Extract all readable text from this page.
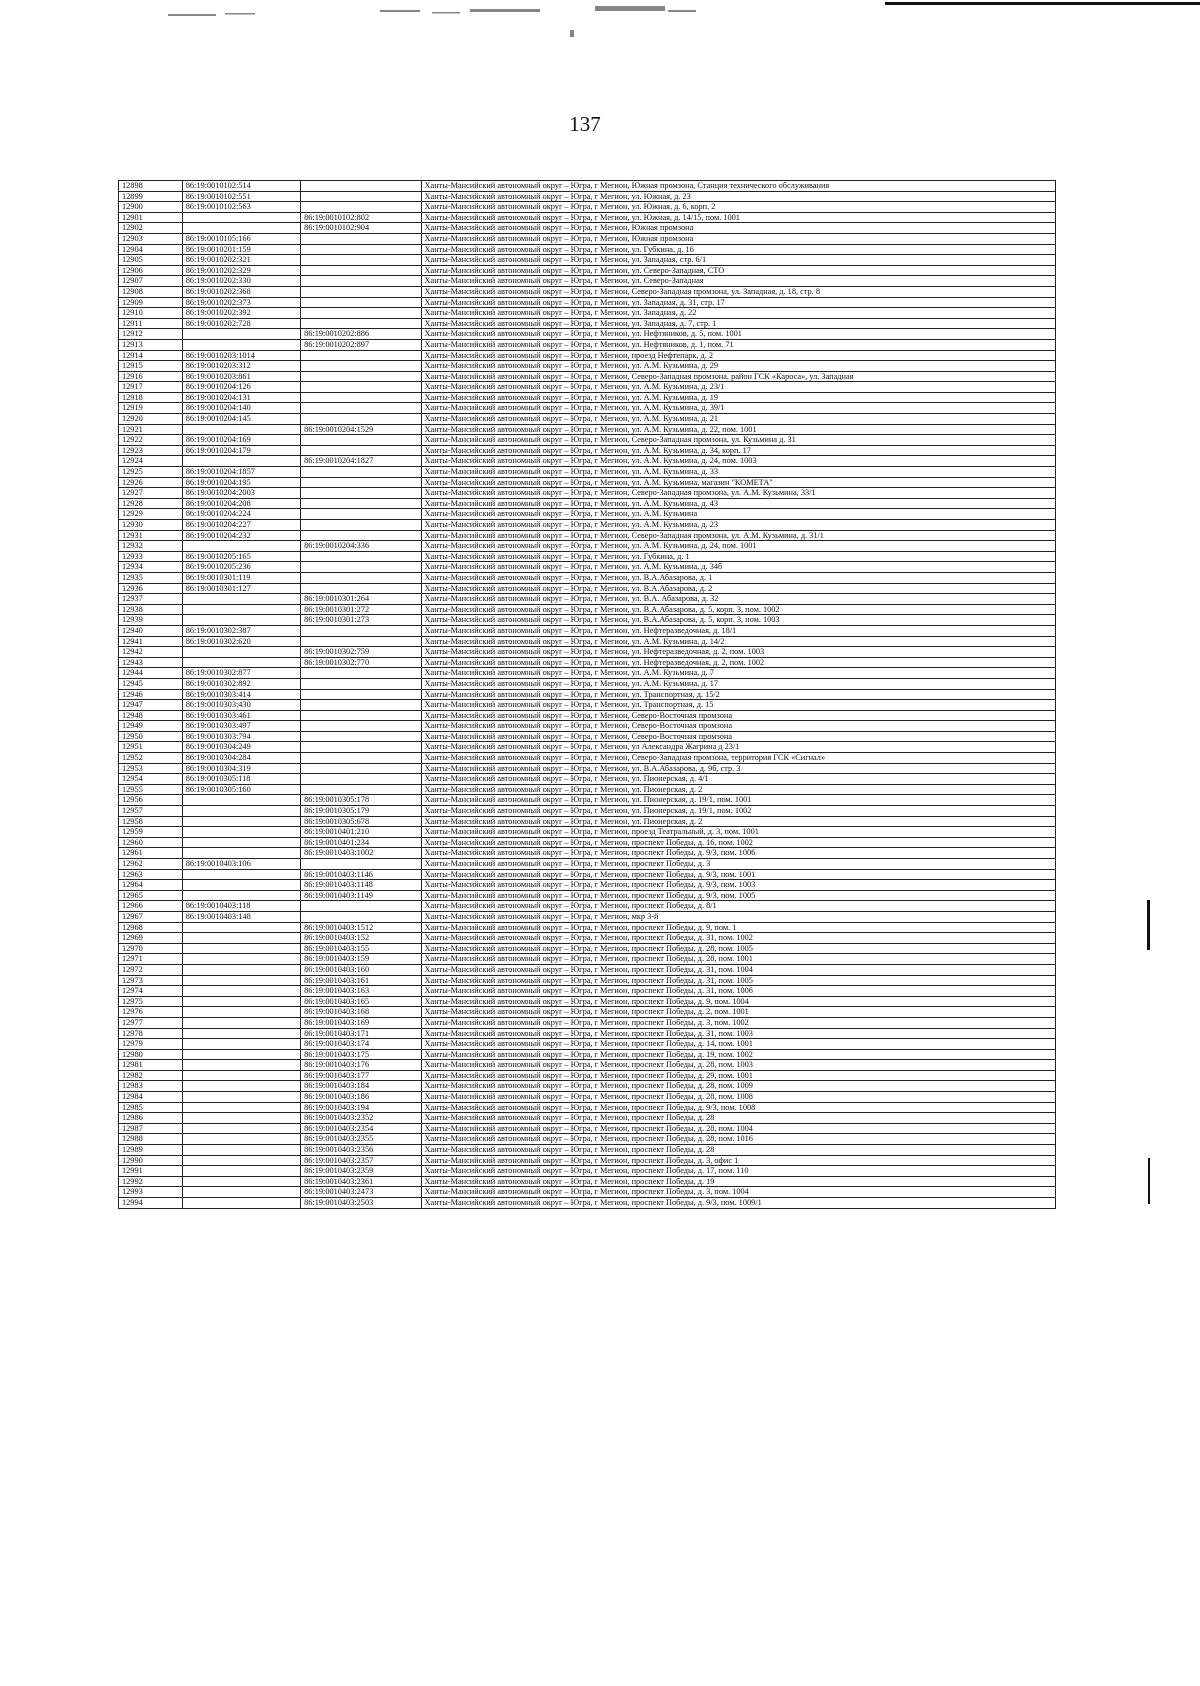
137
12898	86:19:0010102:514		Ханты-Мансийский автономный округ – Югра, г Мегион, Южная промзона, Станция технического обслуживания
12899	86:19:0010102:551		Ханты-Мансийский автономный округ – Югра, г Мегион, ул. Южная, д. 23
12900	86:19:0010102:563		Ханты-Мансийский автономный округ – Югра, г Мегион, ул. Южная, д. 6, корп. 2
12901		86:19:0010102:802	Ханты-Мансийский автономный округ – Югра, г Мегион, ул. Южная, д. 14/15, пом. 1001
12902		86:19:0010102:904	Ханты-Мансийский автономный округ – Югра, г Мегион, Южная промзона
12903	86:19:0010105:166		Ханты-Мансийский автономный округ – Югра, г Мегион, Южная промзона
12904	86:19:0010201:159		Ханты-Мансийский автономный округ – Югра, г Мегион, ул. Губкина, д. 16
12905	86:19:0010202:321		Ханты-Мансийский автономный округ – Югра, г Мегион, ул. Западная, стр. 6/1
12906	86:19:0010202:329		Ханты-Мансийский автономный округ – Югра, г Мегион, ул. Северо-Западная, СТО
12907	86:19:0010202:330		Ханты-Мансийский автономный округ – Югра, г Мегион, ул. Северо-Западная
12908	86:19:0010202:368		Ханты-Мансийский автономный округ – Югра, г Мегион, Северо-Западная промзона, ул. Западная, д. 18, стр. 8
12909	86:19:0010202:373		Ханты-Мансийский автономный округ – Югра, г Мегион, ул. Западная, д. 31, стр. 17
12910	86:19:0010202:392		Ханты-Мансийский автономный округ – Югра, г Мегион, ул. Западная, д. 22
12911	86:19:0010202:728		Ханты-Мансийский автономный округ – Югра, г Мегион, ул. Западная, д. 7, стр. 1
12912		86:19:0010202:886	Ханты-Мансийский автономный округ – Югра, г Мегион, ул. Нефтяников, д. 5, пом. 1001
12913		86:19:0010202:897	Ханты-Мансийский автономный округ – Югра, г Мегион, ул. Нефтяников, д. 1, пом. 71
12914	86:19:0010203:1014		Ханты-Мансийский автономный округ – Югра, г Мегион, проезд Нефтепарк, д. 2
12915	86:19:0010203:312		Ханты-Мансийский автономный округ – Югра, г Мегион, ул. А.М. Кузьмина, д. 29
12916	86:19:0010203:861		Ханты-Мансийский автономный округ – Югра, г Мегион, Северо-Западная промзона, район ГСК «Кароса», ул. Западная
12917	86:19:0010204:126		Ханты-Мансийский автономный округ – Югра, г Мегион, ул. А.М. Кузьмина, д. 23/1
12918	86:19:0010204:131		Ханты-Мансийский автономный округ – Югра, г Мегион, ул. А.М. Кузьмина, д. 19
12919	86:19:0010204:140		Ханты-Мансийский автономный округ – Югра, г Мегион, ул. А.М. Кузьмина, д. 39/1
12920	86:19:0010204:145		Ханты-Мансийский автономный округ – Югра, г Мегион, ул. А.М. Кузьмина, д. 21
12921		86:19:0010204:1529	Ханты-Мансийский автономный округ – Югра, г Мегион, ул. А.М. Кузьмина, д. 22, пом. 1001
12922	86:19:0010204:169		Ханты-Мансийский автономный округ – Югра, г Мегион, Северо-Западная промзона, ул. Кузьмина д. 31
12923	86:19:0010204:179		Ханты-Мансийский автономный округ – Югра, г Мегион, ул. А.М. Кузьмина, д. 34, корп. 17
12924		86:19:0010204:1827	Ханты-Мансийский автономный округ – Югра, г Мегион, ул. А.М. Кузьмина, д. 24, пом. 1003
12925	86:19:0010204:1857		Ханты-Мансийский автономный округ – Югра, г Мегион, ул. А.М. Кузьмина, д. 33
12926	86:19:0010204:195		Ханты-Мансийский автономный округ – Югра, г Мегион, ул. А.М. Кузьмина, магазин "КОМЕТА"
12927	86:19:0010204:2003		Ханты-Мансийский автономный округ – Югра, г Мегион, Северо-Западная промзона, ул. А.М. Кузьмина, 33/1
12928	86:19:0010204:208		Ханты-Мансийский автономный округ – Югра, г Мегион, ул. А.М. Кузьмина, д. 43
12929	86:19:0010204:224		Ханты-Мансийский автономный округ – Югра, г Мегион, ул. А.М. Кузьмина
12930	86:19:0010204:227		Ханты-Мансийский автономный округ – Югра, г Мегион, ул. А.М. Кузьмина, д. 23
12931	86:19:0010204:232		Ханты-Мансийский автономный округ – Югра, г Мегион, Северо-Западная промзона, ул. А.М. Кузьмина, д. 31/1
12932		86:19:0010204:336	Ханты-Мансийский автономный округ – Югра, г Мегион, ул. А.М. Кузьмина, д. 24, пом. 1001
12933	86:19:0010205:165		Ханты-Мансийский автономный округ – Югра, г Мегион, ул. Губкина, д. 1
12934	86:19:0010205:236		Ханты-Мансийский автономный округ – Югра, г Мегион, ул. А.М. Кузьмина, д. 34б
12935	86:19:0010301:119		Ханты-Мансийский автономный округ – Югра, г Мегион, ул. В.А.Абазарова, д. 1
12936	86:19:0010301:127		Ханты-Мансийский автономный округ – Югра, г Мегион, ул. В.А.Абазарова, д. 2
12937		86:19:0010301:264	Ханты-Мансийский автономный округ – Югра, г Мегион, ул. В.А. Абазарова, д. 32
12938		86:19:0010301:272	Ханты-Мансийский автономный округ – Югра, г Мегион, ул. В.А.Абазарова, д. 5, корп. 3, пом. 1002
12939		86:19:0010301:273	Ханты-Мансийский автономный округ – Югра, г Мегион, ул. В.А.Абазарова, д. 5, корп. 3, пом. 1003
12940	86:19:0010302:387		Ханты-Мансийский автономный округ – Югра, г Мегион, ул. Нефтеразведочная, д. 18/1
12941	86:19:0010302:620		Ханты-Мансийский автономный округ – Югра, г Мегион, ул. А.М. Кузьмина, д. 14/2
12942		86:19:0010302:759	Ханты-Мансийский автономный округ – Югра, г Мегион, ул. Нефтеразведочная, д. 2, пом. 1003
12943		86:19:0010302:770	Ханты-Мансийский автономный округ – Югра, г Мегион, ул. Нефтеразведочная, д. 2, пом. 1002
12944	86:19:0010302:877		Ханты-Мансийский автономный округ – Югра, г Мегион, ул. А.М. Кузьмина, д. 7
12945	86:19:0010302:892		Ханты-Мансийский автономный округ – Югра, г Мегион, ул. А.М. Кузьмина, д. 17
12946	86:19:0010303:414		Ханты-Мансийский автономный округ – Югра, г Мегион, ул. Транспортная, д. 15/2
12947	86:19:0010303:430		Ханты-Мансийский автономный округ – Югра, г Мегион, ул. Транспортная, д. 15
12948	86:19:0010303:461		Ханты-Мансийский автономный округ – Югра, г Мегион, Северо-Восточная промзона
12949	86:19:0010303:497		Ханты-Мансийский автономный округ – Югра, г Мегион, Северо-Восточная промзона
12950	86:19:0010303:794		Ханты-Мансийский автономный округ – Югра, г Мегион, Северо-Восточная промзона
12951	86:19:0010304:249		Ханты-Мансийский автономный округ – Югра, г Мегион, ул Александра Жагрина д 23/1
12952	86:19:0010304:284		Ханты-Мансийский автономный округ – Югра, г Мегион, Северо-Западная промзона, территория ГСК «Сигнал»
12953	86:19:0010304:319		Ханты-Мансийский автономный округ – Югра, г Мегион, ул. В.А.Абазарова, д. 9б, стр. 3
12954	86:19:0010305:118		Ханты-Мансийский автономный округ – Югра, г Мегион, ул. Пионерская, д. 4/1
12955	86:19:0010305:160		Ханты-Мансийский автономный округ – Югра, г Мегион, ул. Пионерская, д. 2
12956		86:19:0010305:178	Ханты-Мансийский автономный округ – Югра, г Мегион, ул. Пионерская, д. 19/1, пом. 1001
12957		86:19:0010305:179	Ханты-Мансийский автономный округ – Югра, г Мегион, ул. Пионерская, д. 19/1, пом. 1002
12958		86:19:0010305:678	Ханты-Мансийский автономный округ – Югра, г Мегион, ул. Пионерская, д. 2
12959		86:19:0010401:210	Ханты-Мансийский автономный округ – Югра, г Мегион, проезд Театральный, д. 3, пом. 1001
12960		86:19:0010401:234	Ханты-Мансийский автономный округ – Югра, г Мегион, проспект Победы, д. 16, пом. 1002
12961		86:19:0010403:1002	Ханты-Мансийский автономный округ – Югра, г Мегион, проспект Победы, д. 9/3, пом. 1006
12962	86:19:0010403:106		Ханты-Мансийский автономный округ – Югра, г Мегион, проспект Победы, д. 3
12963		86:19:0010403:1146	Ханты-Мансийский автономный округ – Югра, г Мегион, проспект Победы, д. 9/3, пом. 1001
12964		86:19:0010403:1148	Ханты-Мансийский автономный округ – Югра, г Мегион, проспект Победы, д. 9/3, пом. 1003
12965		86:19:0010403:1149	Ханты-Мансийский автономный округ – Югра, г Мегион, проспект Победы, д. 9/3, пом. 1005
12966	86:19:0010403:118		Ханты-Мансийский автономный округ – Югра, г Мегион, проспект Победы, д. 8/1
12967	86:19:0010403:148		Ханты-Мансийский автономный округ – Югра, г Мегион, мкр 3-й
12968		86:19:0010403:1512	Ханты-Мансийский автономный округ – Югра, г Мегион, проспект Победы, д. 9, пом. 1
12969		86:19:0010403:152	Ханты-Мансийский автономный округ – Югра, г Мегион, проспект Победы, д. 31, пом. 1002
12970		86:19:0010403:155	Ханты-Мансийский автономный округ – Югра, г Мегион, проспект Победы, д. 28, пом. 1005
12971		86:19:0010403:159	Ханты-Мансийский автономный округ – Югра, г Мегион, проспект Победы, д. 28, пом. 1001
12972		86:19:0010403:160	Ханты-Мансийский автономный округ – Югра, г Мегион, проспект Победы, д. 31, пом. 1004
12973		86:19:0010403:161	Ханты-Мансийский автономный округ – Югра, г Мегион, проспект Победы, д. 31, пом. 1005
12974		86:19:0010403:163	Ханты-Мансийский автономный округ – Югра, г Мегион, проспект Победы, д. 31, пом. 1006
12975		86:19:0010403:165	Ханты-Мансийский автономный округ – Югра, г Мегион, проспект Победы, д. 9, пом. 1004
12976		86:19:0010403:168	Ханты-Мансийский автономный округ – Югра, г Мегион, проспект Победы, д. 2, пом. 1001
12977		86:19:0010403:169	Ханты-Мансийский автономный округ – Югра, г Мегион, проспект Победы, д. 3, пом. 1002
12978		86:19:0010403:171	Ханты-Мансийский автономный округ – Югра, г Мегион, проспект Победы, д. 31, пом. 1003
12979		86:19:0010403:174	Ханты-Мансийский автономный округ – Югра, г Мегион, проспект Победы, д. 14, пом. 1001
12980		86:19:0010403:175	Ханты-Мансийский автономный округ – Югра, г Мегион, проспект Победы, д. 19, пом. 1002
12981		86:19:0010403:176	Ханты-Мансийский автономный округ – Югра, г Мегион, проспект Победы, д. 28, пом. 1003
12982		86:19:0010403:177	Ханты-Мансийский автономный округ – Югра, г Мегион, проспект Победы, д. 29, пом. 1001
12983		86:19:0010403:184	Ханты-Мансийский автономный округ – Югра, г Мегион, проспект Победы, д. 28, пом. 1009
12984		86:19:0010403:186	Ханты-Мансийский автономный округ – Югра, г Мегион, проспект Победы, д. 28, пом. 1008
12985		86:19:0010403:194	Ханты-Мансийский автономный округ – Югра, г Мегион, проспект Победы, д. 9/3, пом. 1008
12986		86:19:0010403:2352	Ханты-Мансийский автономный округ – Югра, г Мегион, проспект Победы, д. 28
12987		86:19:0010403:2354	Ханты-Мансийский автономный округ – Югра, г Мегион, проспект Победы, д. 28, пом. 1004
12988		86:19:0010403:2355	Ханты-Мансийский автономный округ – Югра, г Мегион, проспект Победы, д. 28, пом. 1016
12989		86:19:0010403:2356	Ханты-Мансийский автономный округ – Югра, г Мегион, проспект Победы, д. 28
12990		86:19:0010403:2357	Ханты-Мансийский автономный округ – Югра, г Мегион, проспект Победы, д. 3, офис 1
12991		86:19:0010403:2359	Ханты-Мансийский автономный округ – Югра, г Мегион, проспект Победы, д. 17, пом. 110
12992		86:19:0010403:2361	Ханты-Мансийский автономный округ – Югра, г Мегион, проспект Победы, д. 19
12993		86:19:0010403:2473	Ханты-Мансийский автономный округ – Югра, г Мегион, проспект Победы, д. 3, пом. 1004
12994		86:19:0010403:2503	Ханты-Мансийский автономный округ – Югра, г Мегион, проспект Победы, д. 9/3, пом. 1009/1
